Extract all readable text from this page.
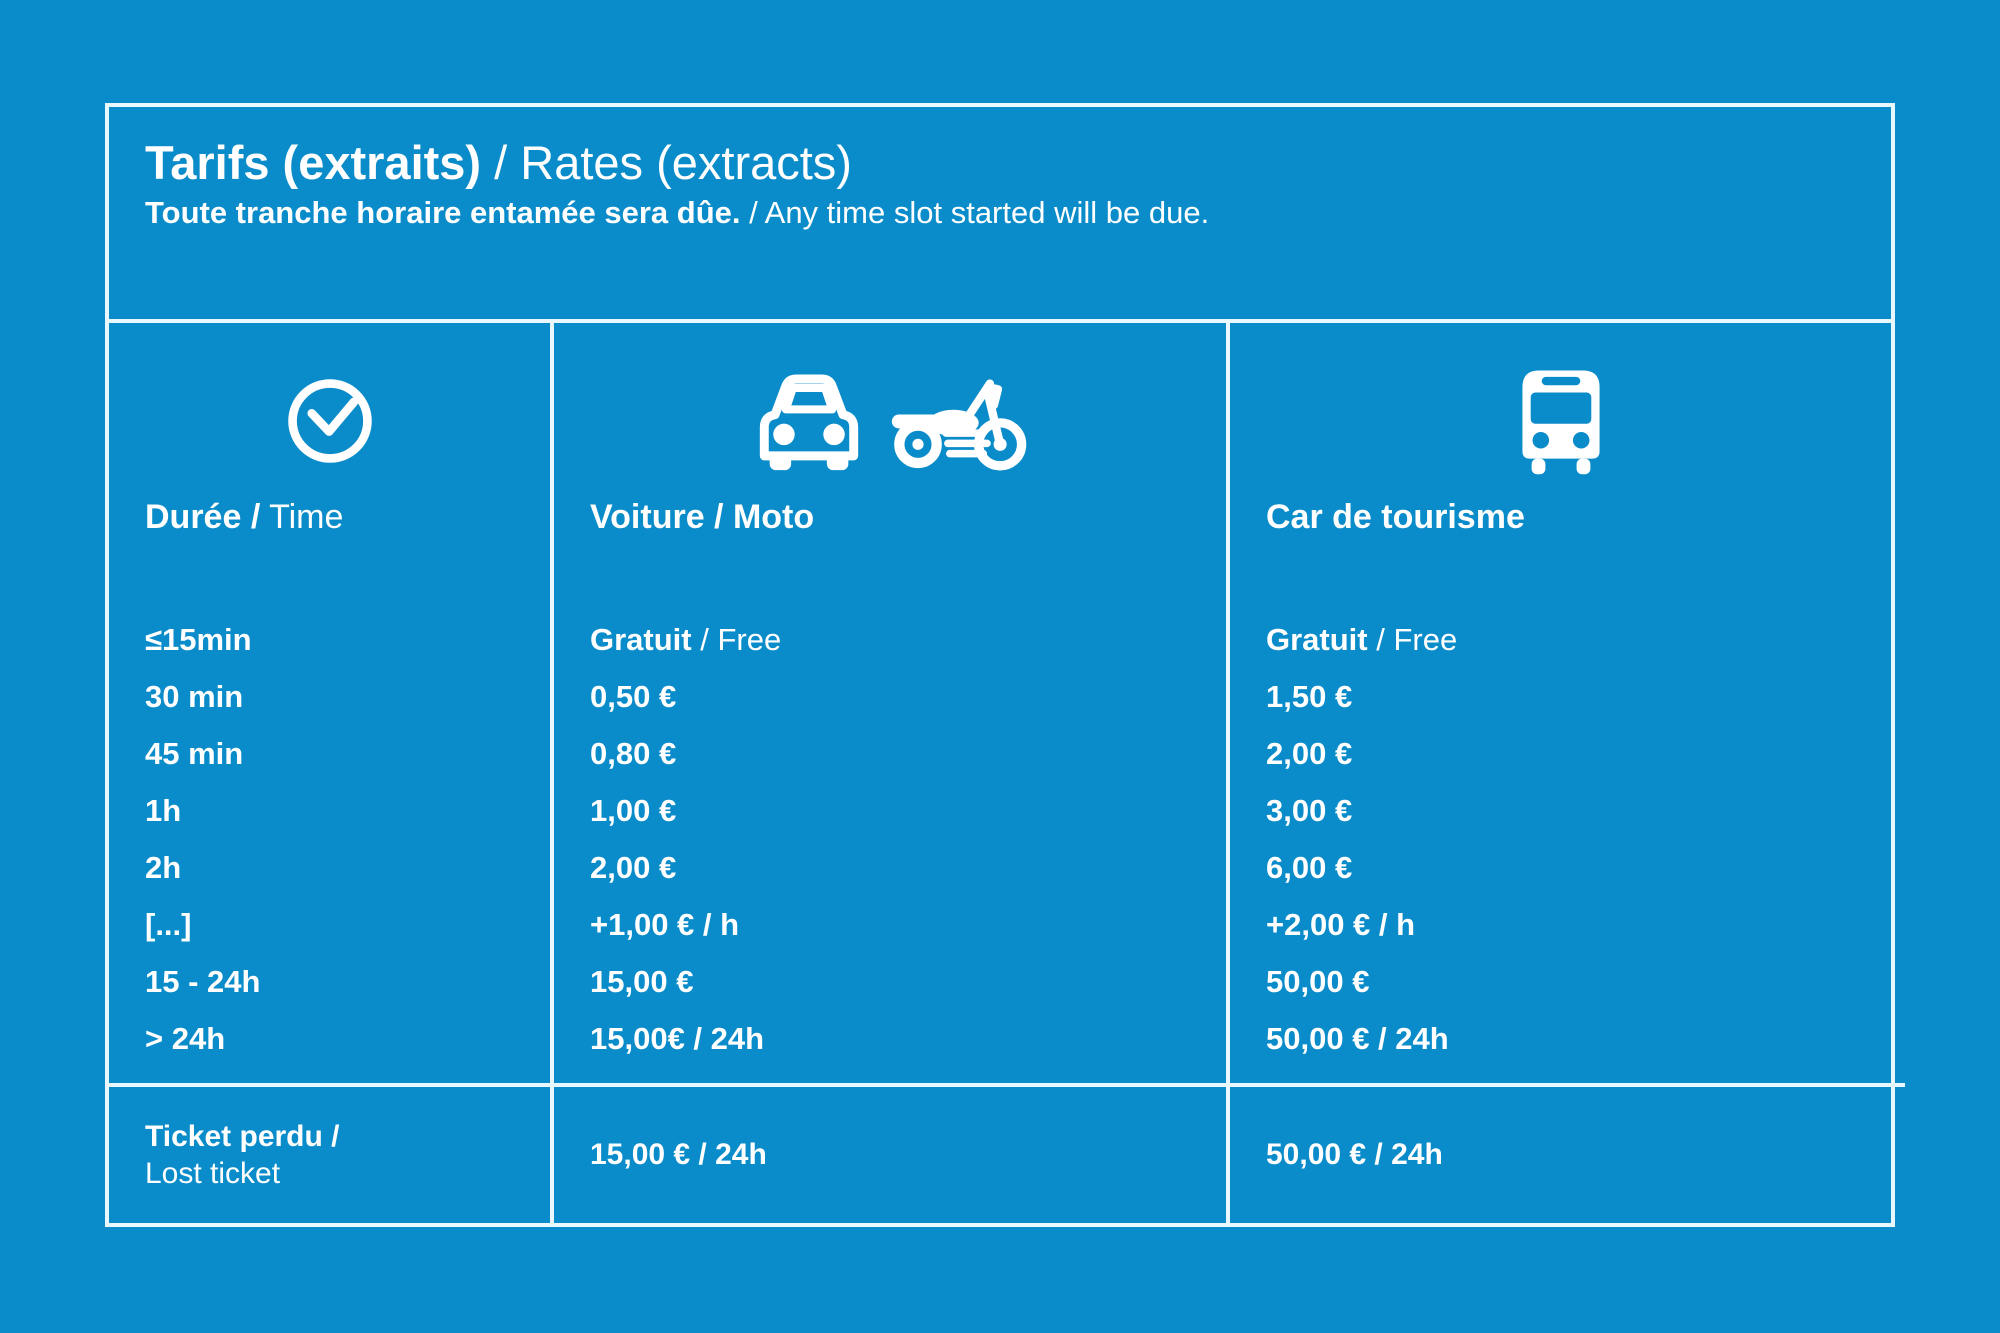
Tarifs (extraits) / Rates (extracts)
Toute tranche horaire entamée sera dûe. / Any time slot started will be due.
Durée / Time
≤15min
30 min
45 min
1h
2h
[...]
15 - 24h
> 24h
Voiture / Moto
Gratuit / Free
0,50 €
0,80 €
1,00 €
2,00 €
+1,00 € / h
15,00 €
15,00€ / 24h
Car de tourisme
Gratuit / Free
1,50 €
2,00 €
3,00 €
6,00 €
+2,00 € / h
50,00 €
50,00 € / 24h
Ticket perdu /
Lost ticket
15,00 € / 24h	50,00 € / 24h
